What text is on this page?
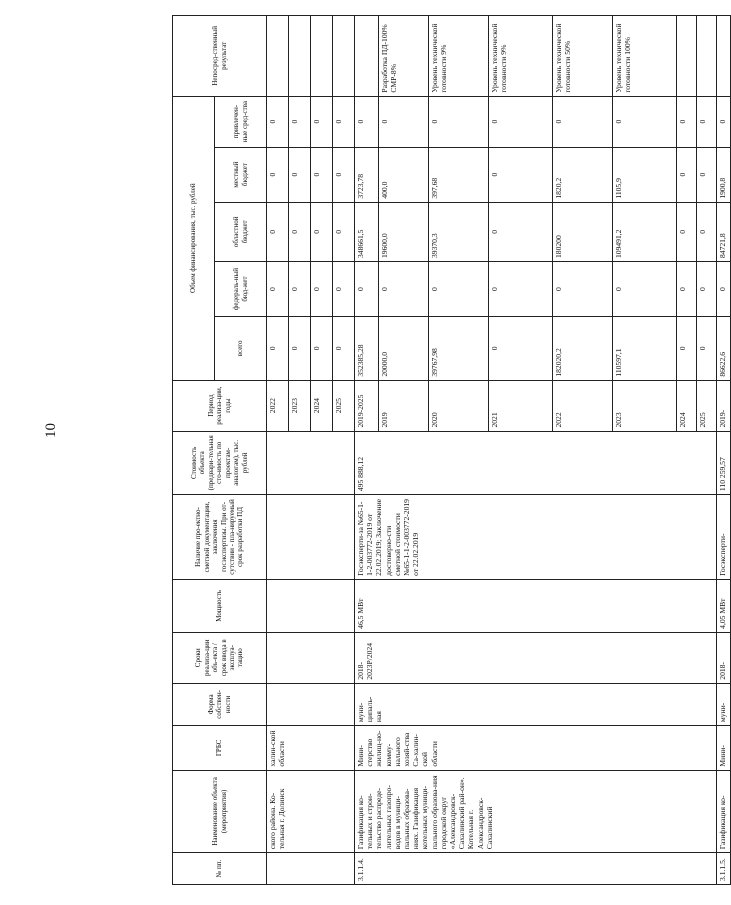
10
№ пп.	Наименование объекта (мероприятия)	ГРБС	Форма собствен-ности	Сроки реализа-ции объ-екта / срок ввода в эксплуа-тацию	Мощность	Наличие про-ектно-сметной документации, заключения госэкспертизы. При от-сутствии - пла-нируемый срок разработки ПД	Стоимость объекта (предвари-тельная сто-имость по проектам-аналогам), тыс. рублей	Период реализа-ции, годы	Объем финансирования, тыс. рублей					Непосред-ственный результат
									всего	федераль-ный бюд-жет	областной бюджет	местный бюджет	привлечен-ные сред-ства	
	ского района. Ко-тельная г. Долинск	халин-ской области						2022	0	0	0	0	0	
								2023	0	0	0	0	0	
								2024	0	0	0	0	0	
								2025	0	0	0	0	0	
3.1.1.4.	Газификация ко-тельных и строи-тельство распреде-лительных газопро-водов в муници-пальных образова-ниях. Газификация котельных муници-пального образова-ния городской округ «Александровск-Сахалинский рай-он». Котельная г. Александровск-Сахалинский	Мини-стерство жилищ-но-комму-нального хозяй-ства Са-халин-ской области	муни-ципаль-ная	2018-2023Р/2024	46,5 МВт	Госэксперти-за №65-1-1-2-003772-2019 от 22.02.2019; Заключение достоверно-сти сметной стоимости №65-1-1-2-003772-2019 от 22.02.2019	495 888,12	2019-2025	352385,28	0	348661,5	3723,78	0	
								2019	20000,0	0	19600,0	400,0	0	Разработка ПД-100% СМР-8%
								2020	39767,98	0	39370,3	397,68	0	Уровень технической готовности 9%
								2021	0	0	0	0	0	Уровень технической готовности 9%
								2022	182020,2	0	180200	1820,2	0	Уровень технической готовности 50%
								2023	110597,1	0	109491,2	1105,9	0	Уровень технической готовности 100%
								2024	0	0	0	0	0	
								2025	0	0	0	0	0	
3.1.1.5.	Газификация ко-	Мини-	муни-	2018-	4,05 МВт	Госэксперти-	110 259,57	2019-	86622,6	0	84721,8	1900,8	0	
